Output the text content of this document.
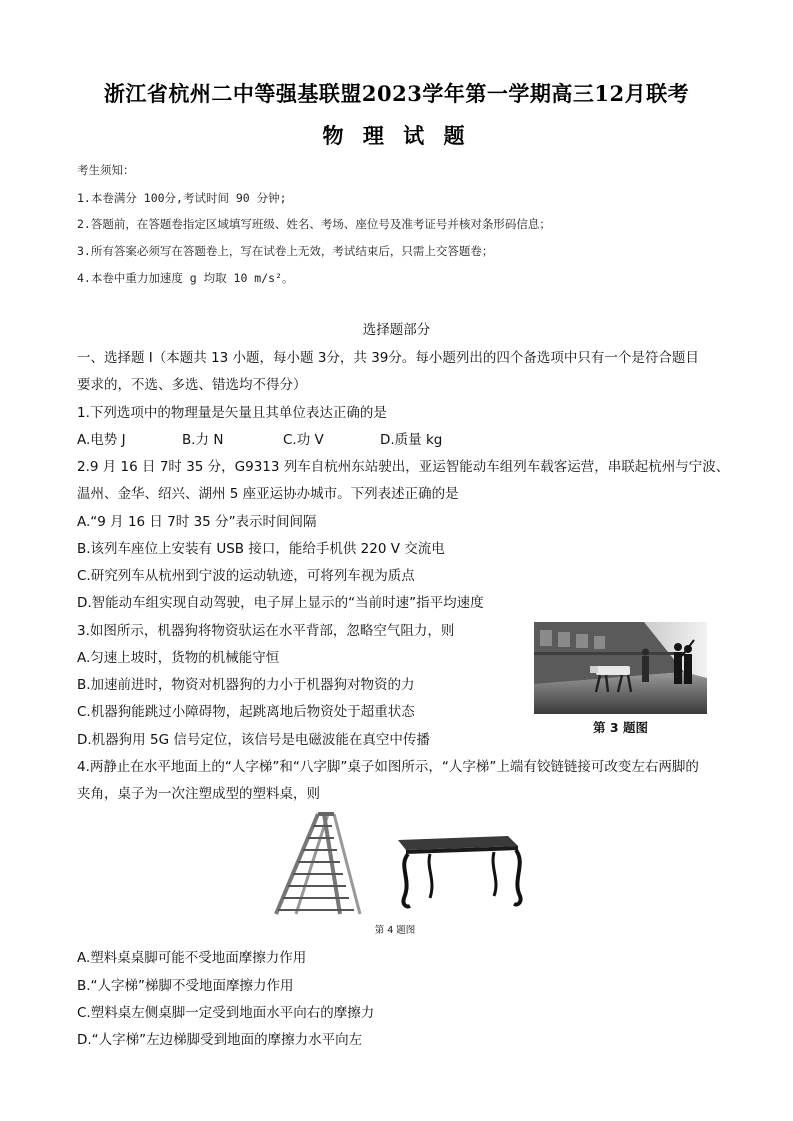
浙江省杭州二中等强基联盟2023学年第一学期高三12月联考
物 理 试 题
考生须知：
1.本卷满分 100分,考试时间 90 分钟;
2.答题前，在答题卷指定区域填写班级、姓名、考场、座位号及准考证号并核对条形码信息；
3.所有答案必须写在答题卷上，写在试卷上无效，考试结束后，只需上交答题卷；
4.本卷中重力加速度 g 均取 10 m/s²。
选择题部分
一、选择题 I（本题共 13 小题，每小题 3分，共 39分。每小题列出的四个备选项中只有一个是符合题目
要求的，不选、多选、错选均不得分）
1.下列选项中的物理量是矢量且其单位表达正确的是
A.电势 J	B.力 N	C.功 V	D.质量 kg
2.9 月 16 日 7时 35 分，G9313 列车自杭州东站驶出，亚运智能动车组列车载客运营，串联起杭州与宁波、
温州、金华、绍兴、湖州 5 座亚运协办城市。下列表述正确的是
A.“9 月 16 日 7时 35 分”表示时间间隔
B.该列车座位上安装有 USB 接口，能给手机供 220 V 交流电
C.研究列车从杭州到宁波的运动轨迹，可将列车视为质点
D.智能动车组实现自动驾驶，电子屏上显示的“当前时速”指平均速度
3.如图所示，机器狗将物资驮运在水平背部，忽略空气阻力，则
A.匀速上坡时，货物的机械能守恒
B.加速前进时，物资对机器狗的力小于机器狗对物资的力
C.机器狗能跳过小障碍物，起跳离地后物资处于超重状态
D.机器狗用 5G 信号定位，该信号是电磁波能在真空中传播
第 3 题图
4.两静止在水平地面上的“人字梯”和“八字脚”桌子如图所示，“人字梯”上端有铰链链接可改变左右两脚的
夹角，桌子为一次注塑成型的塑料桌，则
第 4 题图
A.塑料桌桌脚可能不受地面摩擦力作用
B.“人字梯”梯脚不受地面摩擦力作用
C.塑料桌左侧桌脚一定受到地面水平向右的摩擦力
D.“人字梯”左边梯脚受到地面的摩擦力水平向左
